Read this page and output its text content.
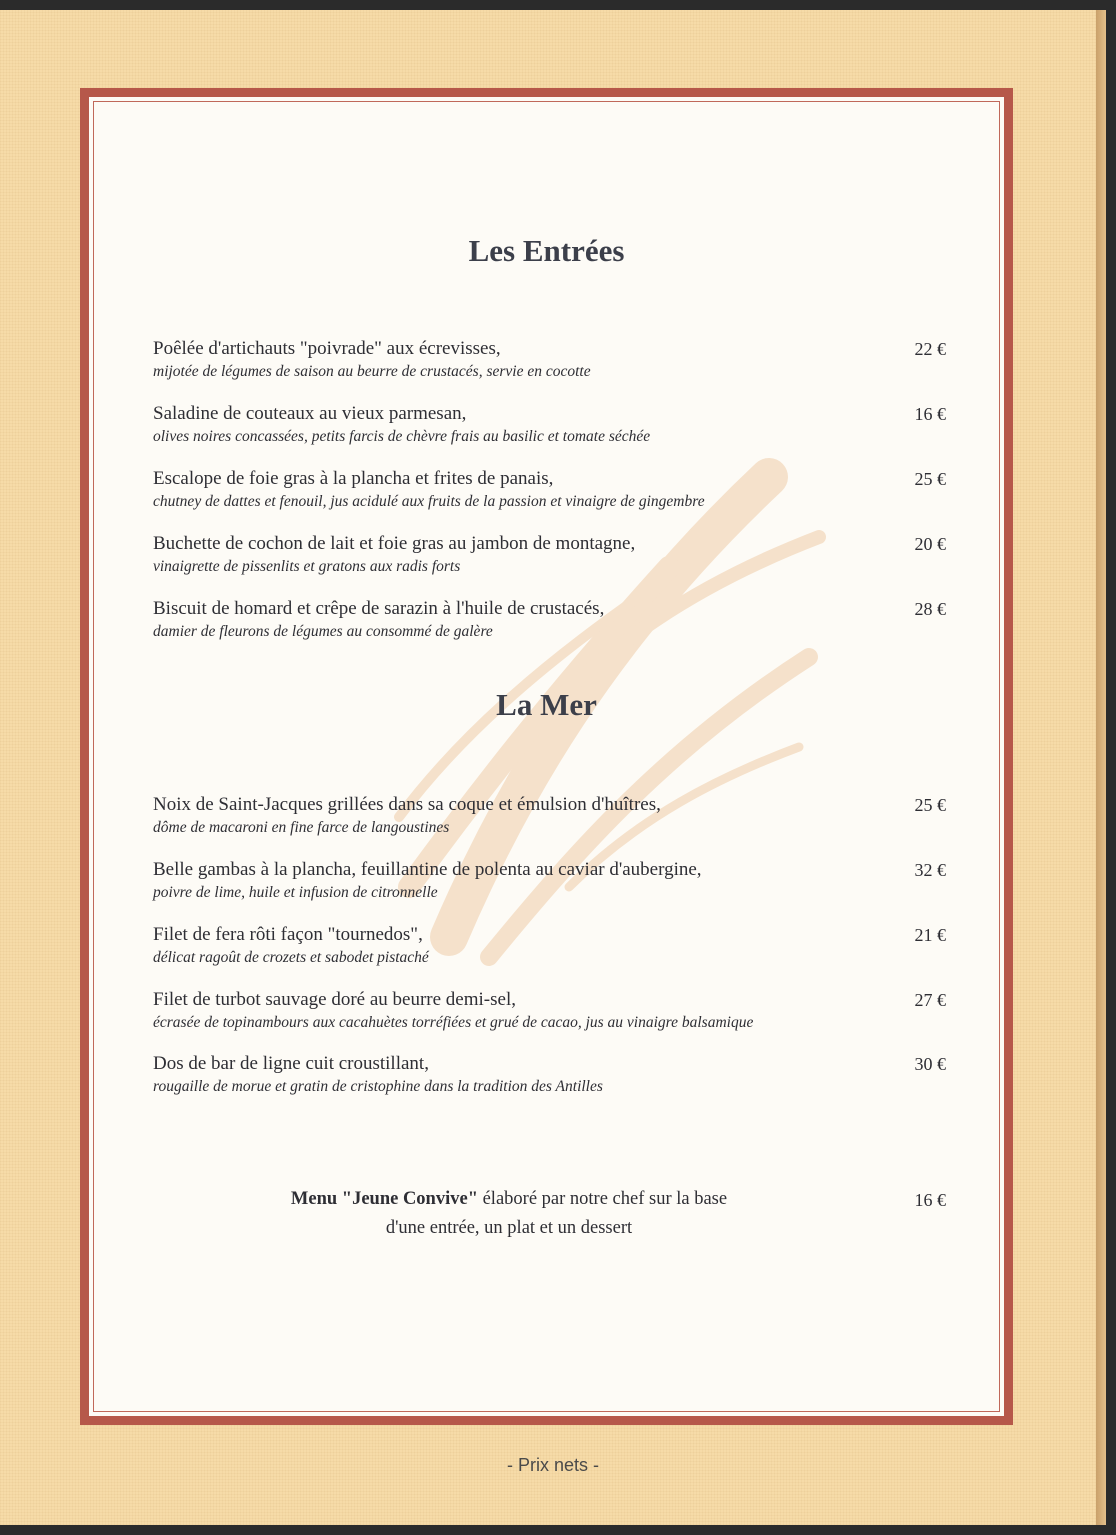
Les Entrées
Poêlée d'artichauts "poivrade" aux écrevisses,
mijotée de légumes de saison au beurre de crustacés, servie en cocotte
22 €
Saladine de couteaux au vieux parmesan,
olives noires concassées, petits farcis de chèvre frais au basilic et tomate séchée
16 €
Escalope de foie gras à la plancha et frites de panais,
chutney de dattes et fenouil, jus acidulé aux fruits de la passion et vinaigre de gingembre
25 €
Buchette de cochon de lait et foie gras au jambon de montagne,
vinaigrette de pissenlits et gratons aux radis forts
20 €
Biscuit de homard et crêpe de sarazin à l'huile de crustacés,
damier de fleurons de légumes au consommé de galère
28 €
La Mer
Noix de Saint-Jacques grillées dans sa coque et émulsion d'huîtres,
dôme de macaroni en fine farce de langoustines
25 €
Belle gambas à la plancha, feuillantine de polenta au caviar d'aubergine,
poivre de lime, huile et infusion de citronnelle
32 €
Filet de fera rôti façon "tournedos",
délicat ragoût de crozets et sabodet pistaché
21 €
Filet de turbot sauvage doré au beurre demi-sel,
écrasée de topinambours aux cacahuètes torréfiées et grué de cacao, jus au vinaigre balsamique
27 €
Dos de bar de ligne cuit croustillant,
rougaille de morue et gratin de cristophine dans la tradition des Antilles
30 €
Menu "Jeune Convive" élaboré par notre chef sur la base
d'une entrée, un plat et un dessert
16 €
- Prix nets -
